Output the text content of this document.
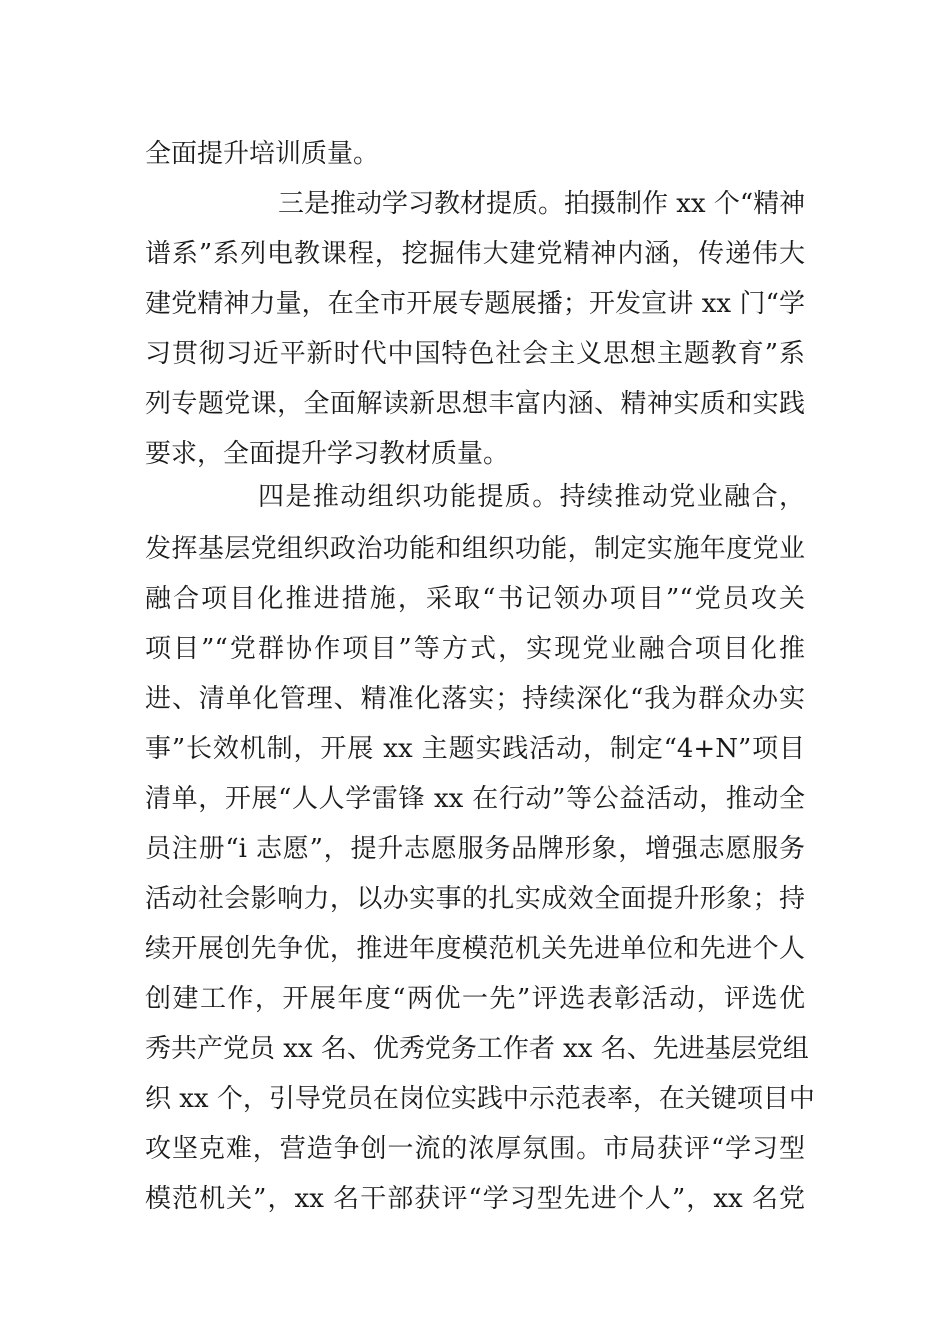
全面提升培训质量。
三是推动学习教材提质。拍摄制作 xx 个“精神
谱系”系列电教课程，挖掘伟大建党精神内涵，传递伟大
建党精神力量，在全市开展专题展播；开发宣讲 xx 门“学
习贯彻习近平新时代中国特色社会主义思想主题教育”系
列专题党课，全面解读新思想丰富内涵、精神实质和实践
要求，全面提升学习教材质量。
四是推动组织功能提质。持续推动党业融合，
发挥基层党组织政治功能和组织功能，制定实施年度党业
融合项目化推进措施，采取“书记领办项目”“党员攻关
项目”“党群协作项目”等方式，实现党业融合项目化推
进、清单化管理、精准化落实；持续深化“我为群众办实
事”长效机制，开展 xx 主题实践活动，制定“4+N”项目
清单，开展“人人学雷锋 xx 在行动”等公益活动，推动全
员注册“i 志愿”，提升志愿服务品牌形象，增强志愿服务
活动社会影响力，以办实事的扎实成效全面提升形象；持
续开展创先争优，推进年度模范机关先进单位和先进个人
创建工作，开展年度“两优一先”评选表彰活动，评选优
秀共产党员 xx 名、优秀党务工作者 xx 名、先进基层党组
织 xx 个，引导党员在岗位实践中示范表率，在关键项目中
攻坚克难，营造争创一流的浓厚氛围。市局获评“学习型
模范机关”，xx 名干部获评“学习型先进个人”，xx 名党
